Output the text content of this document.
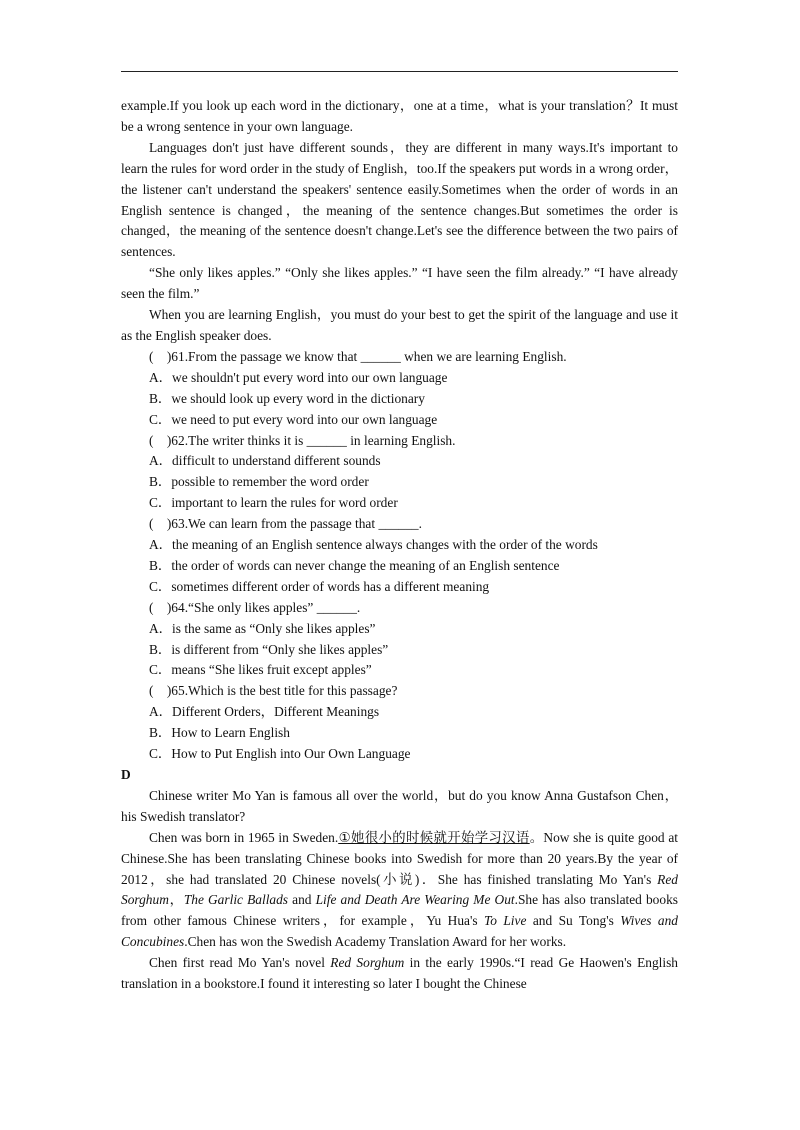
example.If you look up each word in the dictionary，one at a time，what is your translation？It must be a wrong sentence in your own language.

Languages don't just have different sounds，they are different in many ways.It's important to learn the rules for word order in the study of English，too.If the speakers put words in a wrong order，the listener can't understand the speakers' sentence easily.Sometimes when the order of words in an English sentence is changed，the meaning of the sentence changes.But sometimes the order is changed，the meaning of the sentence doesn't change.Let's see the difference between the two pairs of sentences.

“She only likes apples.” “Only she likes apples.” “I have seen the film already.” “I have already seen the film.”

When you are learning English，you must do your best to get the spirit of the language and use it as the English speaker does.

(　)61.From the passage we know that ______ when we are learning English.

A．we shouldn't put every word into our own language

B．we should look up every word in the dictionary

C．we need to put every word into our own language

(　)62.The writer thinks it is ______ in learning English.

A．difficult to understand different sounds

B．possible to remember the word order

C．important to learn the rules for word order

(　)63.We can learn from the passage that ______.

A．the meaning of an English sentence always changes with the order of the words

B．the order of words can never change the meaning of an English sentence

C．sometimes different order of words has a different meaning

(　)64.“She only likes apples” ______.

A．is the same as “Only she likes apples”

B．is different from “Only she likes apples”

C．means “She likes fruit except apples”

(　)65.Which is the best title for this passage?

A．Different Orders，Different Meanings

B．How to Learn English

C．How to Put English into Our Own Language

D

Chinese writer Mo Yan is famous all over the world，but do you know Anna Gustafson Chen，his Swedish translator?

Chen was born in 1965 in Sweden.①她很小的时候就开始学习汉语。Now she is quite good at Chinese.She has been translating Chinese books into Swedish for more than 20 years.By the year of 2012，she had translated 20 Chinese novels(小说)．She has finished translating Mo Yan's Red Sorghum，The Garlic Ballads and Life and Death Are Wearing Me Out.She has also translated books from other famous Chinese writers，for example，Yu Hua's To Live and Su Tong's Wives and Concubines.Chen has won the Swedish Academy Translation Award for her works.

Chen first read Mo Yan's novel Red Sorghum in the early 1990s.“I read Ge Haowen's English translation in a bookstore.I found it interesting so later I bought the Chinese
